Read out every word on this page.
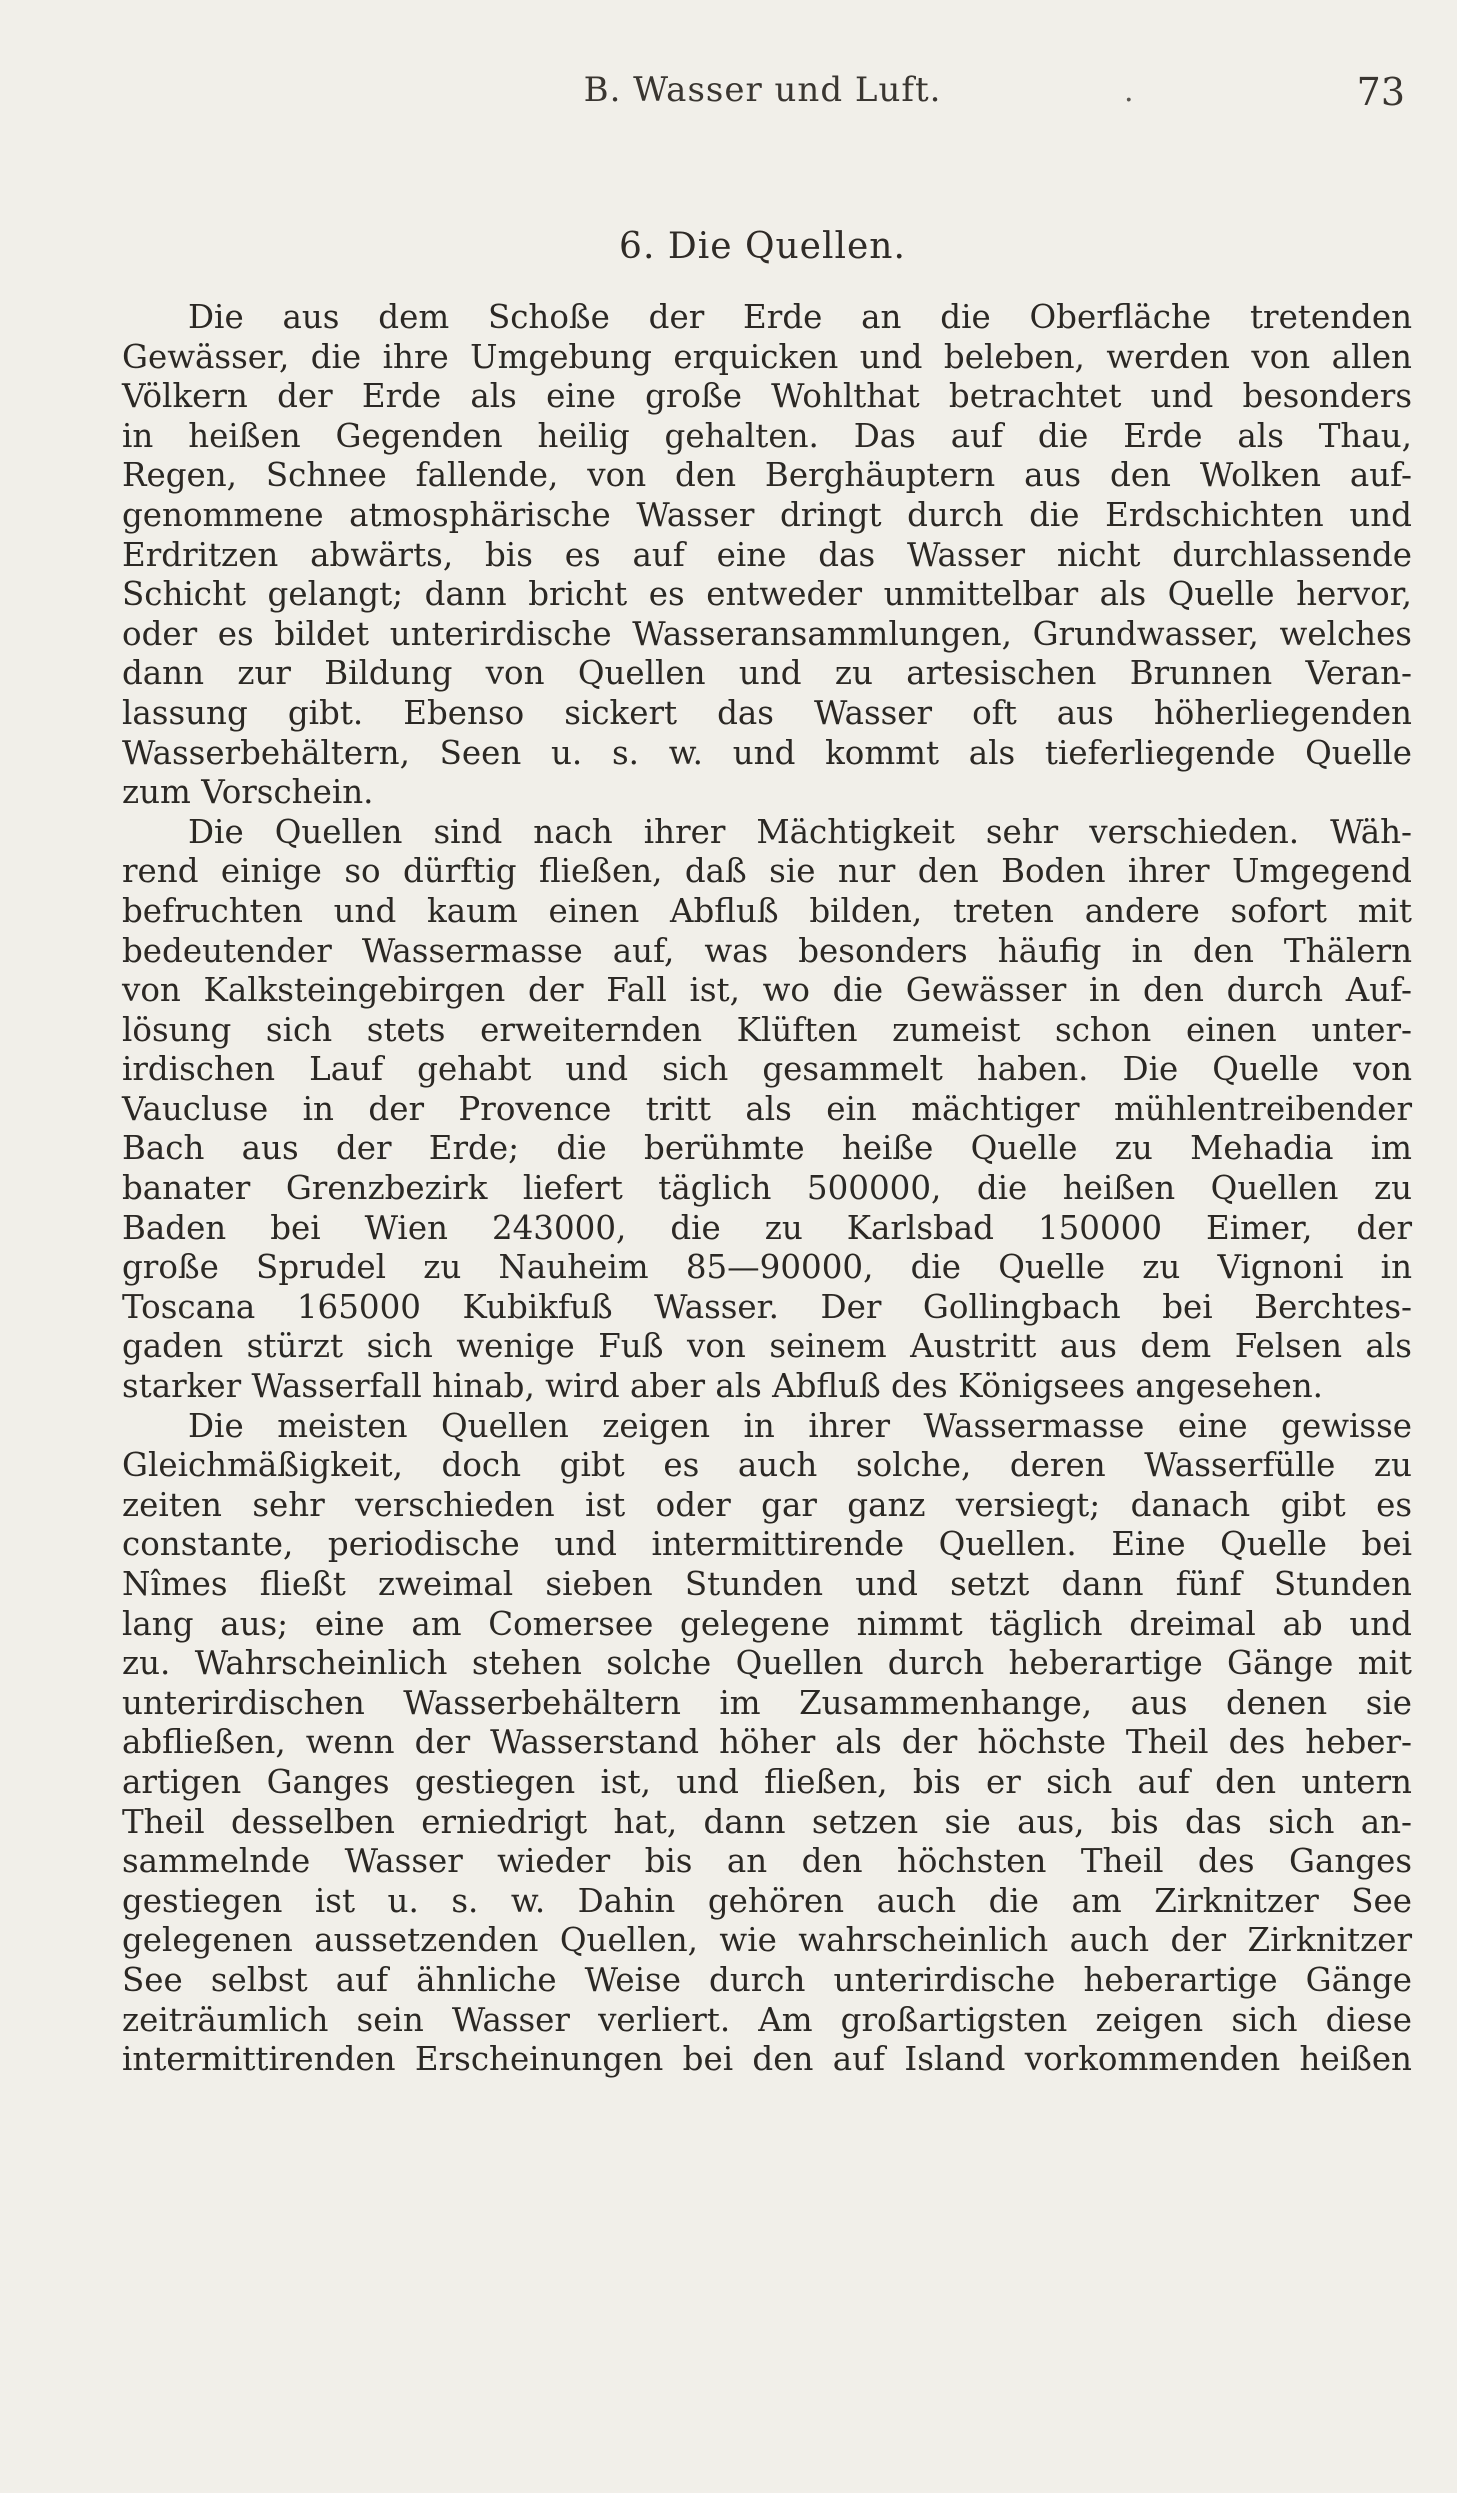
B. Wasser und Luft.	.	73
6. Die Quellen.
Die aus dem Schoße der Erde an die Oberfläche tretenden
Gewässer, die ihre Umgebung erquicken und beleben, werden von allen
Völkern der Erde als eine große Wohlthat betrachtet und besonders
in heißen Gegenden heilig gehalten. Das auf die Erde als Thau,
Regen, Schnee fallende, von den Berghäuptern aus den Wolken auf-
genommene atmosphärische Wasser dringt durch die Erdschichten und
Erdritzen abwärts, bis es auf eine das Wasser nicht durchlassende
Schicht gelangt; dann bricht es entweder unmittelbar als Quelle hervor,
oder es bildet unterirdische Wasseransammlungen, Grundwasser, welches
dann zur Bildung von Quellen und zu artesischen Brunnen Veran-
lassung gibt. Ebenso sickert das Wasser oft aus höherliegenden
Wasserbehältern, Seen u. s. w. und kommt als tieferliegende Quelle
zum Vorschein.
Die Quellen sind nach ihrer Mächtigkeit sehr verschieden. Wäh-
rend einige so dürftig fließen, daß sie nur den Boden ihrer Umgegend
befruchten und kaum einen Abfluß bilden, treten andere sofort mit
bedeutender Wassermasse auf, was besonders häufig in den Thälern
von Kalksteingebirgen der Fall ist, wo die Gewässer in den durch Auf-
lösung sich stets erweiternden Klüften zumeist schon einen unter-
irdischen Lauf gehabt und sich gesammelt haben. Die Quelle von
Vaucluse in der Provence tritt als ein mächtiger mühlentreibender
Bach aus der Erde; die berühmte heiße Quelle zu Mehadia im
banater Grenzbezirk liefert täglich 500000, die heißen Quellen zu
Baden bei Wien 243000, die zu Karlsbad 150000 Eimer, der
große Sprudel zu Nauheim 85—90000, die Quelle zu Vignoni in
Toscana 165000 Kubikfuß Wasser. Der Gollingbach bei Berchtes-
gaden stürzt sich wenige Fuß von seinem Austritt aus dem Felsen als
starker Wasserfall hinab, wird aber als Abfluß des Königsees angesehen.
Die meisten Quellen zeigen in ihrer Wassermasse eine gewisse
Gleichmäßigkeit, doch gibt es auch solche, deren Wasserfülle zu
zeiten sehr verschieden ist oder gar ganz versiegt; danach gibt es
constante, periodische und intermittirende Quellen. Eine Quelle bei
Nîmes fließt zweimal sieben Stunden und setzt dann fünf Stunden
lang aus; eine am Comersee gelegene nimmt täglich dreimal ab und
zu. Wahrscheinlich stehen solche Quellen durch heberartige Gänge mit
unterirdischen Wasserbehältern im Zusammenhange, aus denen sie
abfließen, wenn der Wasserstand höher als der höchste Theil des heber-
artigen Ganges gestiegen ist, und fließen, bis er sich auf den untern
Theil desselben erniedrigt hat, dann setzen sie aus, bis das sich an-
sammelnde Wasser wieder bis an den höchsten Theil des Ganges
gestiegen ist u. s. w. Dahin gehören auch die am Zirknitzer See
gelegenen aussetzenden Quellen, wie wahrscheinlich auch der Zirknitzer
See selbst auf ähnliche Weise durch unterirdische heberartige Gänge
zeiträumlich sein Wasser verliert. Am großartigsten zeigen sich diese
intermittirenden Erscheinungen bei den auf Island vorkommenden heißen
